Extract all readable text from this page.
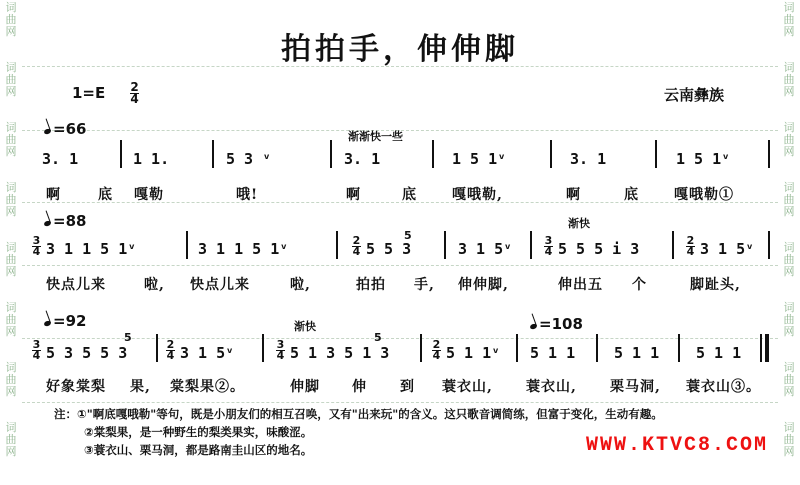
词
曲
网
词
曲
网
词
曲
网
词
曲
网
词
曲
网
词
曲
网
词
曲
网
词
曲
网
词
曲
网
词
曲
网
词
曲
网
词
曲
网
词
曲
网
词
曲
网
词
曲
网
词
曲
网
拍拍手，伸伸脚
1=E 2
4	云南彝族
=66	渐渐快一些
3. 1	1 1.	5 3 ᵛ	3. 1	1 5 1ᵛ	3. 1	1 5 1ᵛ
啊	底 嘎勒	哦!	啊	底	嘎哦勒,	啊	底	嘎哦勒①
=88	渐快
3
4 3 1 1 5 1ᵛ	3 1 1 5 1ᵛ	2
4 5 5 3
5
3 1 5ᵛ	3
4 5 5 5 i 3	2
4 3 1 5ᵛ
快点儿来	啦, 快点儿来	啦,	拍拍 手, 伸伸脚,	伸出五 个	脚趾头,
=92	渐快	=108
3
4 5 3 5 5 3
5
2
4 3 1 5ᵛ	3
4 5 1 3 5 1 3
5
2
4 5 1 1ᵛ 5 1 1	5 1 1 5 1 1
好象棠梨 果, 棠梨果②。	伸脚 伸 到 蓑衣山, 蓑衣山, 栗马洞, 蓑衣山③。
注：①"啊底嘎哦勒"等句，既是小朋友们的相互召唤，又有"出来玩"的含义。这只歌音调简练，但富于变化，生动有趣。
②棠梨果，是一种野生的梨类果实，味酸涩。
③蓑衣山、栗马洞，都是路南圭山区的地名。	WWW.KTVC8.COM
